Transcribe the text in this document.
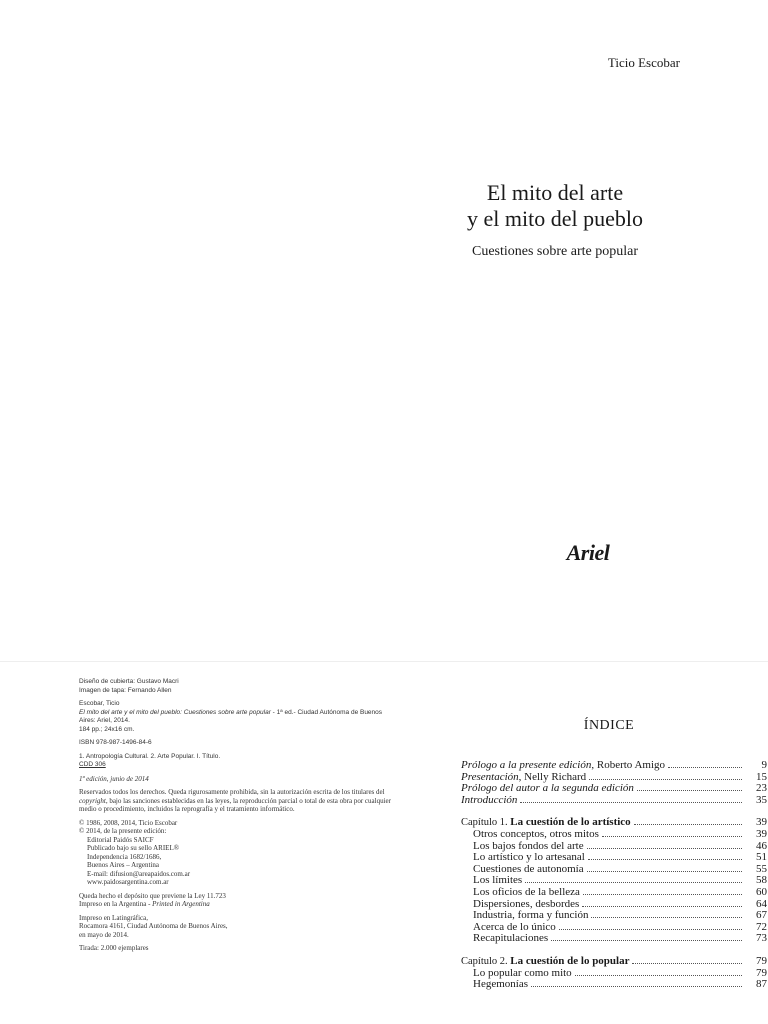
Ticio Escobar
El mito del arte
y el mito del pueblo
Cuestiones sobre arte popular
Ariel
Diseño de cubierta: Gustavo Macri
Imagen de tapa: Fernando Allen
Escobar, Ticio
El mito del arte y el mito del pueblo: Cuestiones sobre arte popular - 1ª ed.- Ciudad Autónoma de Buenos Aires: Ariel, 2014.
184 pp.; 24x16 cm.
ISBN 978-987-1496-84-6
1. Antropología Cultural. 2. Arte Popular. I. Título.
CDD 306
1ª edición, junio de 2014
Reservados todos los derechos. Queda rigurosamente prohibida, sin la autorización escrita de los titulares del copyright, bajo las sanciones establecidas en las leyes, la reproducción parcial o total de esta obra por cualquier medio o procedimiento, incluidos la reprografía y el tratamiento informático.
© 1986, 2008, 2014, Ticio Escobar
© 2014, de la presente edición:
Editorial Paidós SAICF
Publicado bajo su sello ARIEL®
Independencia 1682/1686,
Buenos Aires – Argentina
E-mail: difusion@areapaidos.com.ar
www.paidosargentina.com.ar
Queda hecho el depósito que previene la Ley 11.723
Impreso en la Argentina - Printed in Argentina
Impreso en Latingráfica,
Rocamora 4161, Ciudad Autónoma de Buenos Aires,
en mayo de 2014.
Tirada: 2.000 ejemplares
ÍNDICE
Prólogo a la presente edición, Roberto Amigo	9
Presentación, Nelly Richard	15
Prólogo del autor a la segunda edición	23
Introducción	35
Capítulo 1. La cuestión de lo artístico	39
Otros conceptos, otros mitos	39
Los bajos fondos del arte	46
Lo artístico y lo artesanal	51
Cuestiones de autonomía	55
Los límites	58
Los oficios de la belleza	60
Dispersiones, desbordes	64
Industria, forma y función	67
Acerca de lo único	72
Recapitulaciones	73
Capítulo 2. La cuestión de lo popular	79
Lo popular como mito	79
Hegemonías	87
